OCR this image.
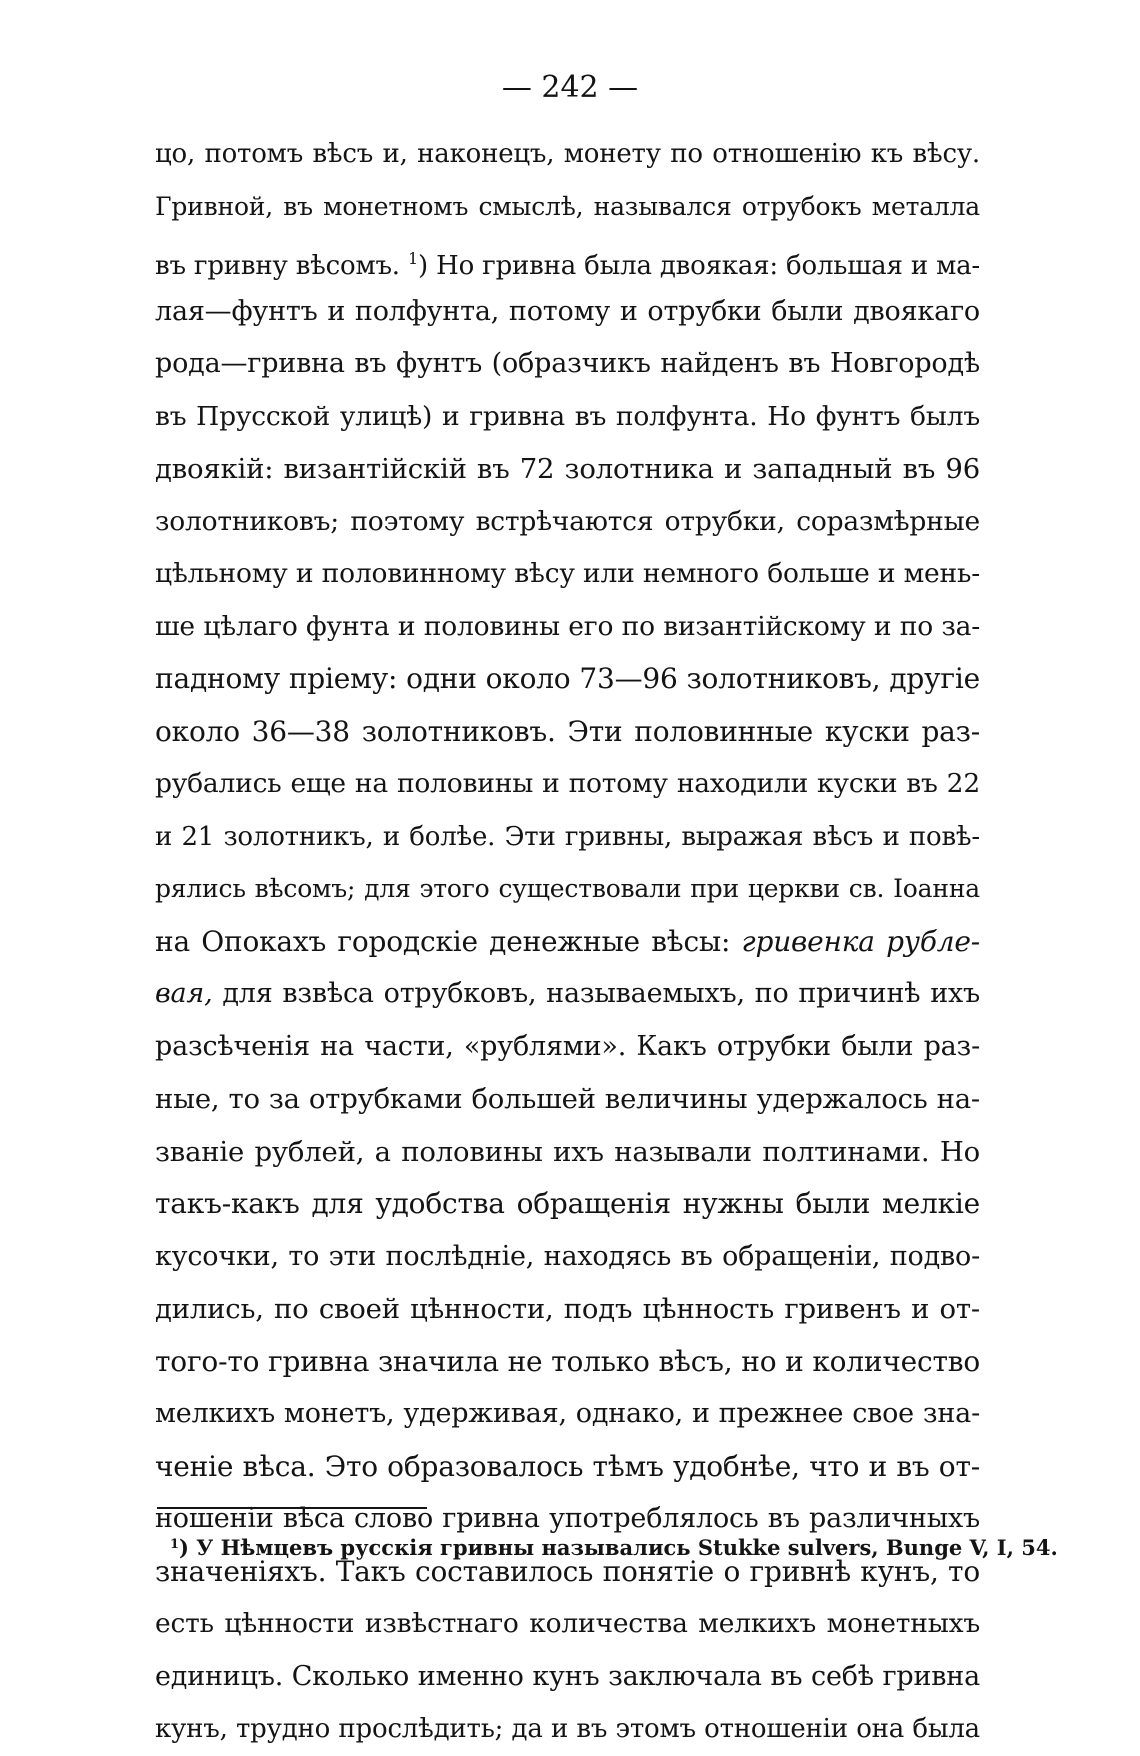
— 242 —
цо, потомъ вѣсъ и, наконецъ, монету по отношенію къ вѣсу.
Гривной, въ монетномъ смыслѣ, назывался отрубокъ металла
въ гривну вѣсомъ. $^1$) Но гривна была двоякая: большая и ма-
лая—фунтъ и полфунта, потому и отрубки были двоякаго
рода—гривна въ фунтъ (образчикъ найденъ въ Новгородѣ
въ Прусской улицѣ) и гривна въ полфунта. Но фунтъ былъ
двоякій: византійскій въ 72 золотника и западный въ 96
золотниковъ; поэтому встрѣчаются отрубки, соразмѣрные
цѣльному и половинному вѣсу или немного больше и мень-
ше цѣлаго фунта и половины его по византійскому и по за-
падному пріему: одни около 73—96 золотниковъ, другіе
около 36—38 золотниковъ. Эти половинные куски раз-
рубались еще на половины и потому находили куски въ 22
и 21 золотникъ, и болѣе. Эти гривны, выражая вѣсъ и повѣ-
рялись вѣсомъ; для этого существовали при церкви св. Іоанна
на Опокахъ городскіе денежные вѣсы: гривенка рубле-
вая, для взвѣса отрубковъ, называемыхъ, по причинѣ ихъ
разсѣченія на части, «рублями». Какъ отрубки были раз-
ные, то за отрубками большей величины удержалось на-
званіе рублей, а половины ихъ называли полтинами. Но
такъ-какъ для удобства обращенія нужны были мелкіе
кусочки, то эти послѣдніе, находясь въ обращеніи, подво-
дились, по своей цѣнности, подъ цѣнность гривенъ и от-
того-то гривна значила не только вѣсъ, но и количество
мелкихъ монетъ, удерживая, однако, и прежнее свое зна-
ченіе вѣса. Это образовалось тѣмъ удобнѣе, что и въ от-
ношеніи вѣса слово гривна употреблялось въ различныхъ
значеніяхъ. Такъ составилось понятіе о гривнѣ кунъ, то
есть цѣнности извѣстнаго количества мелкихъ монетныхъ
единицъ. Сколько именно кунъ заключала въ себѣ гривна
кунъ, трудно прослѣдить; да и въ этомъ отношеніи она была
$^1$) У Нѣмцевъ русскія гривны назывались Stukke sulvers, Bunge V, I, 54.
